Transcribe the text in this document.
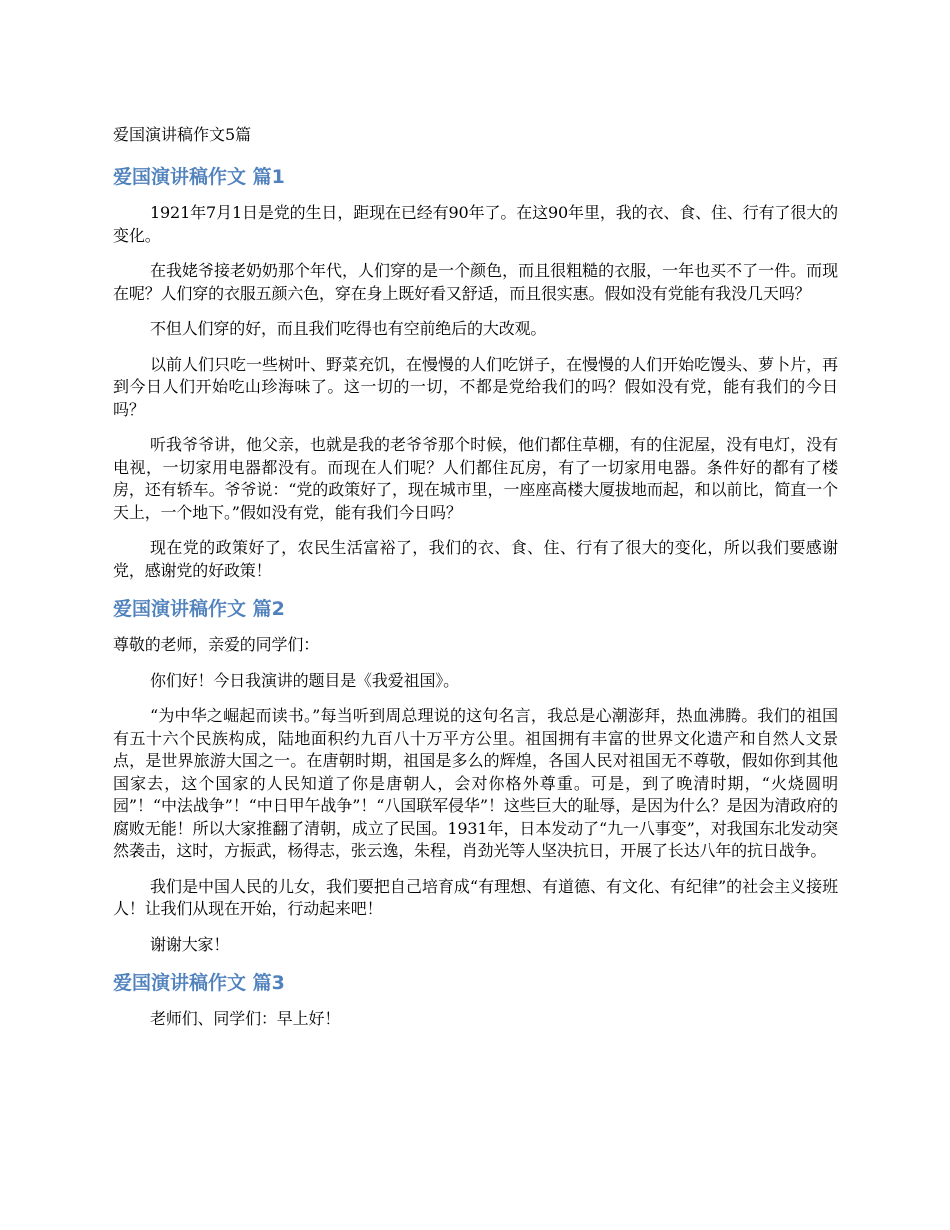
爱国演讲稿作文5篇
爱国演讲稿作文 篇1

1921年7月1日是党的生日，距现在已经有90年了。在这90年里，我的衣、食、住、行有了很大的变化。

在我姥爷接老奶奶那个年代，人们穿的是一个颜色，而且很粗糙的衣服，一年也买不了一件。而现在呢？人们穿的衣服五颜六色，穿在身上既好看又舒适，而且很实惠。假如没有党能有我没几天吗？

不但人们穿的好，而且我们吃得也有空前绝后的大改观。

以前人们只吃一些树叶、野菜充饥，在慢慢的人们吃饼子，在慢慢的人们开始吃馒头、萝卜片，再到今日人们开始吃山珍海味了。这一切的一切，不都是党给我们的吗？假如没有党，能有我们的今日吗？

听我爷爷讲，他父亲，也就是我的老爷爷那个时候，他们都住草棚，有的住泥屋，没有电灯，没有电视，一切家用电器都没有。而现在人们呢？人们都住瓦房，有了一切家用电器。条件好的都有了楼房，还有轿车。爷爷说：“党的政策好了，现在城市里，一座座高楼大厦拔地而起，和以前比，简直一个天上，一个地下。”假如没有党，能有我们今日吗？

现在党的政策好了，农民生活富裕了，我们的衣、食、住、行有了很大的变化，所以我们要感谢党，感谢党的好政策！

爱国演讲稿作文 篇2

尊敬的老师，亲爱的同学们：

你们好！今日我演讲的题目是《我爱祖国》。

“为中华之崛起而读书。”每当听到周总理说的这句名言，我总是心潮澎拜，热血沸腾。我们的祖国有五十六个民族构成，陆地面积约九百八十万平方公里。祖国拥有丰富的世界文化遗产和自然人文景点，是世界旅游大国之一。在唐朝时期，祖国是多么的辉煌，各国人民对祖国无不尊敬，假如你到其他国家去，这个国家的人民知道了你是唐朝人，会对你格外尊重。可是，到了晚清时期，“火烧圆明园”！“中法战争”！“中日甲午战争”！“八国联军侵华”！这些巨大的耻辱，是因为什么？是因为清政府的腐败无能！所以大家推翻了清朝，成立了民国。1931年，日本发动了“九一八事变”，对我国东北发动突然袭击，这时，方振武，杨得志，张云逸，朱程，肖劲光等人坚决抗日，开展了长达八年的抗日战争。

我们是中国人民的儿女，我们要把自己培育成“有理想、有道德、有文化、有纪律”的社会主义接班人！让我们从现在开始，行动起来吧！

谢谢大家！

爱国演讲稿作文 篇3

老师们、同学们：早上好！
